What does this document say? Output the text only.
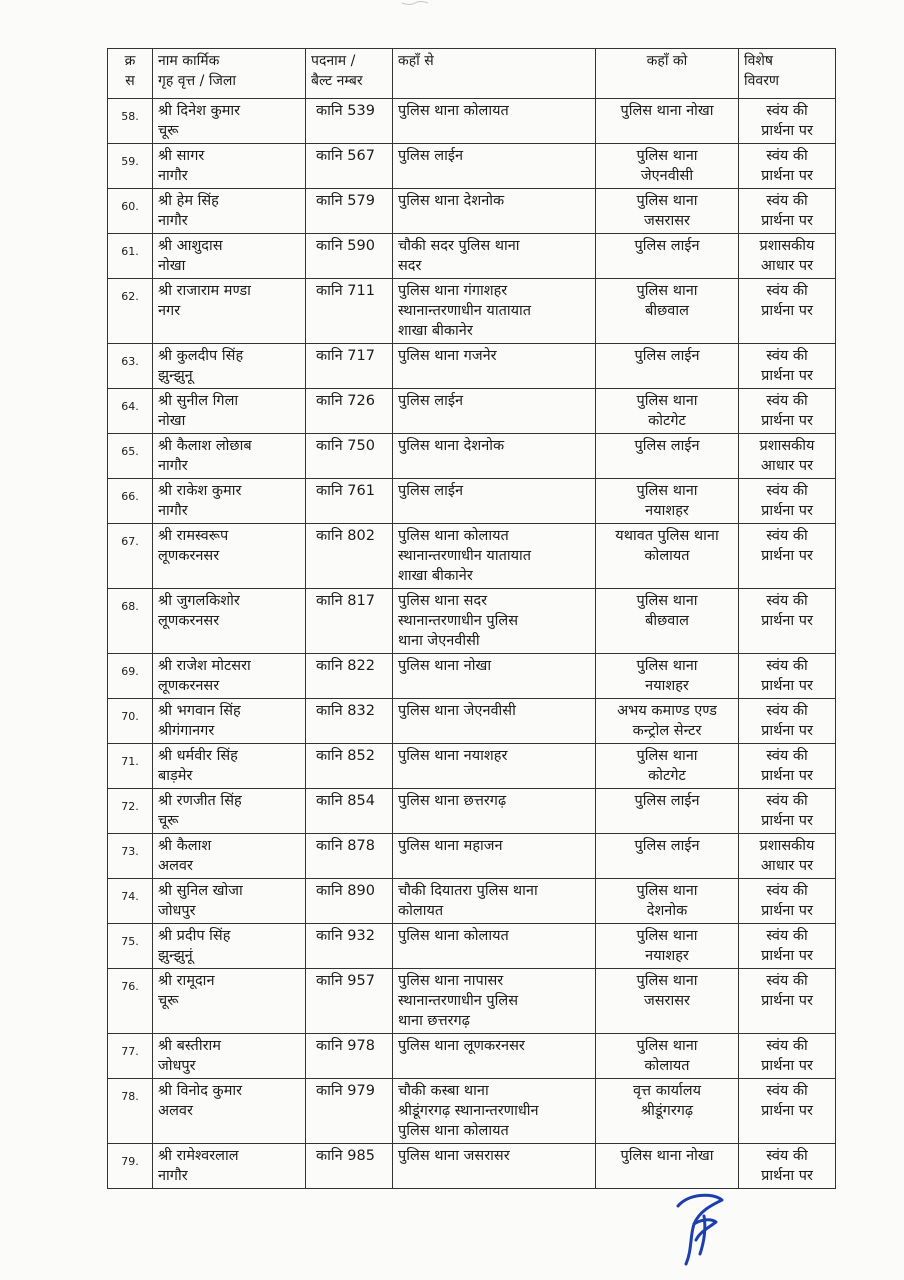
क्र
स	नाम कार्मिक
गृह वृत्त / जिला	पदनाम /
बैल्ट नम्बर	कहाँ से	कहाँ को	विशेष
विवरण

58.	श्री दिनेश कुमार
चूरू	कानि 539	पुलिस थाना कोलायत	पुलिस थाना नोखा	स्वंय की
प्रार्थना पर

59.	श्री सागर
नागौर	कानि 567	पुलिस लाईन	पुलिस थाना
जेएनवीसी	स्वंय की
प्रार्थना पर

60.	श्री हेम सिंह
नागौर	कानि 579	पुलिस थाना देशनोक	पुलिस थाना
जसरासर	स्वंय की
प्रार्थना पर

61.	श्री आशुदास
नोखा	कानि 590	चौकी सदर पुलिस थाना
सदर	पुलिस लाईन	प्रशासकीय
आधार पर

62.	श्री राजाराम मण्डा
नगर	कानि 711	पुलिस थाना गंगाशहर
स्थानान्तरणाधीन यातायात
शाखा बीकानेर	पुलिस थाना
बीछवाल	स्वंय की
प्रार्थना पर

63.	श्री कुलदीप सिंह
झुन्झुनू	कानि 717	पुलिस थाना गजनेर	पुलिस लाईन	स्वंय की
प्रार्थना पर

64.	श्री सुनील गिला
नोखा	कानि 726	पुलिस लाईन	पुलिस थाना
कोटगेट	स्वंय की
प्रार्थना पर

65.	श्री कैलाश लोछाब
नागौर	कानि 750	पुलिस थाना देशनोक	पुलिस लाईन	प्रशासकीय
आधार पर

66.	श्री राकेश कुमार
नागौर	कानि 761	पुलिस लाईन	पुलिस थाना
नयाशहर	स्वंय की
प्रार्थना पर

67.	श्री रामस्वरूप
लूणकरनसर	कानि 802	पुलिस थाना कोलायत
स्थानान्तरणाधीन यातायात
शाखा बीकानेर	यथावत पुलिस थाना
कोलायत	स्वंय की
प्रार्थना पर

68.	श्री जुगलकिशोर
लूणकरनसर	कानि 817	पुलिस थाना सदर
स्थानान्तरणाधीन पुलिस
थाना जेएनवीसी	पुलिस थाना
बीछवाल	स्वंय की
प्रार्थना पर

69.	श्री राजेश मोटसरा
लूणकरनसर	कानि 822	पुलिस थाना नोखा	पुलिस थाना
नयाशहर	स्वंय की
प्रार्थना पर

70.	श्री भगवान सिंह
श्रीगंगानगर	कानि 832	पुलिस थाना जेएनवीसी	अभय कमाण्ड एण्ड
कन्ट्रोल सेन्टर	स्वंय की
प्रार्थना पर

71.	श्री धर्मवीर सिंह
बाड़मेर	कानि 852	पुलिस थाना नयाशहर	पुलिस थाना
कोटगेट	स्वंय की
प्रार्थना पर

72.	श्री रणजीत सिंह
चूरू	कानि 854	पुलिस थाना छत्तरगढ़	पुलिस लाईन	स्वंय की
प्रार्थना पर

73.	श्री कैलाश
अलवर	कानि 878	पुलिस थाना महाजन	पुलिस लाईन	प्रशासकीय
आधार पर

74.	श्री सुनिल खोजा
जोधपुर	कानि 890	चौकी दियातरा पुलिस थाना
कोलायत	पुलिस थाना
देशनोक	स्वंय की
प्रार्थना पर

75.	श्री प्रदीप सिंह
झुन्झुनूं	कानि 932	पुलिस थाना कोलायत	पुलिस थाना
नयाशहर	स्वंय की
प्रार्थना पर

76.	श्री रामूदान
चूरू	कानि 957	पुलिस थाना नापासर
स्थानान्तरणाधीन पुलिस
थाना छत्तरगढ़	पुलिस थाना
जसरासर	स्वंय की
प्रार्थना पर

77.	श्री बस्तीराम
जोधपुर	कानि 978	पुलिस थाना लूणकरनसर	पुलिस थाना
कोलायत	स्वंय की
प्रार्थना पर

78.	श्री विनोद कुमार
अलवर	कानि 979	चौकी कस्बा थाना
श्रीडूंगरगढ़ स्थानान्तरणाधीन
पुलिस थाना कोलायत	वृत्त कार्यालय
श्रीडूंगरगढ़	स्वंय की
प्रार्थना पर

79.	श्री रामेश्वरलाल
नागौर	कानि 985	पुलिस थाना जसरासर	पुलिस थाना नोखा	स्वंय की
प्रार्थना पर
